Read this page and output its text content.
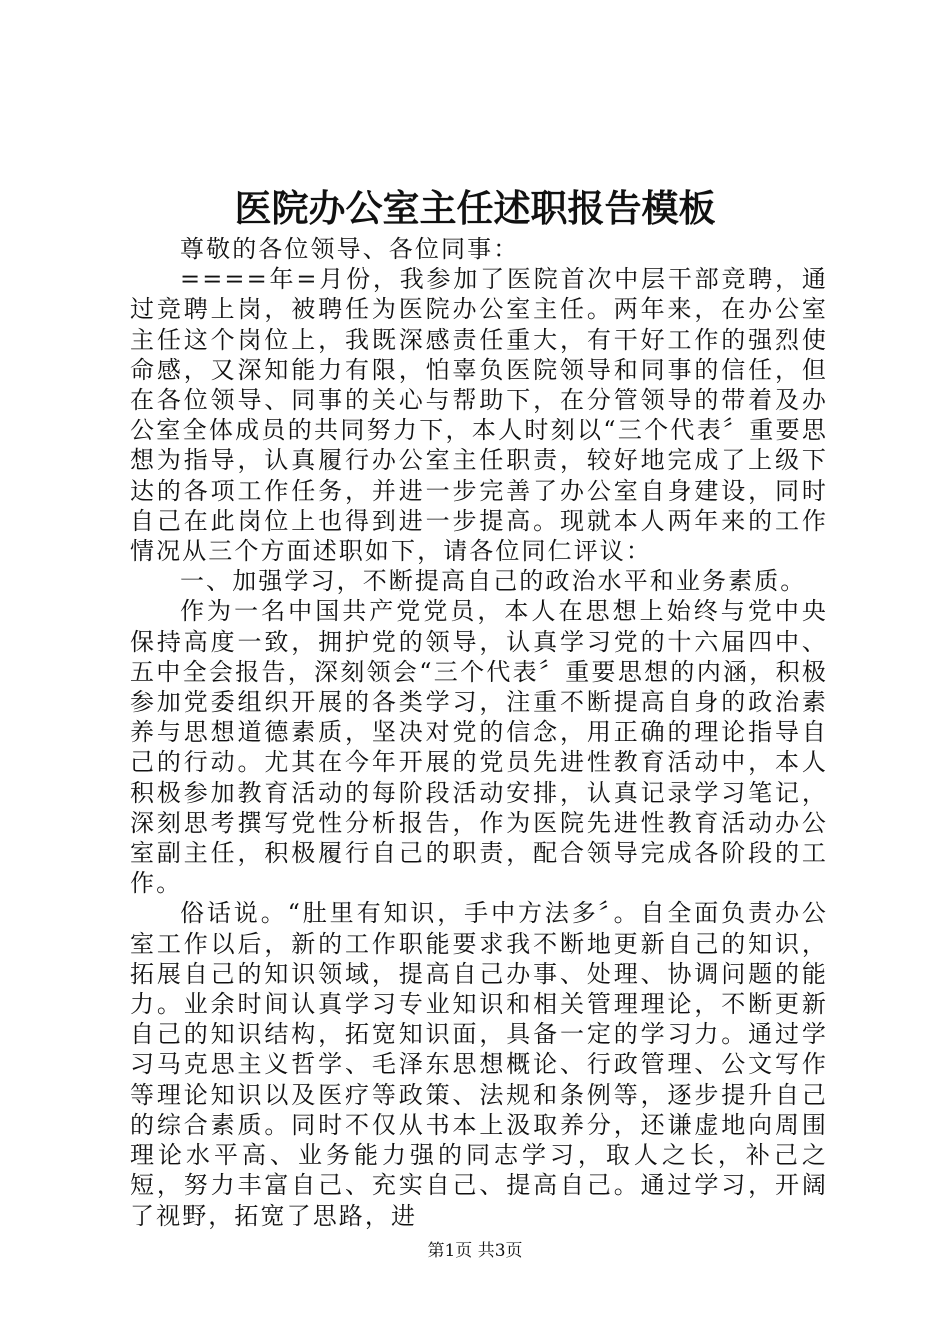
医院办公室主任述职报告模板

尊敬的各位领导、各位同事：

====年=月份，我参加了医院首次中层干部竞聘，通过竞聘上岗，被聘任为医院办公室主任。两年来，在办公室主任这个岗位上，我既深感责任重大，有干好工作的强烈使命感，又深知能力有限，怕辜负医院领导和同事的信任，但在各位领导、同事的关心与帮助下，在分管领导的带着及办公室全体成员的共同努力下，本人时刻以“三个代表〞重要思想为指导，认真履行办公室主任职责，较好地完成了上级下达的各项工作任务，并进一步完善了办公室自身建设，同时自己在此岗位上也得到进一步提高。现就本人两年来的工作情况从三个方面述职如下，请各位同仁评议：

一、加强学习，不断提高自己的政治水平和业务素质。

作为一名中国共产党党员，本人在思想上始终与党中央保持高度一致，拥护党的领导，认真学习党的十六届四中、五中全会报告，深刻领会“三个代表〞重要思想的内涵，积极参加党委组织开展的各类学习，注重不断提高自身的政治素养与思想道德素质，坚决对党的信念，用正确的理论指导自己的行动。尤其在今年开展的党员先进性教育活动中，本人积极参加教育活动的每阶段活动安排，认真记录学习笔记，深刻思考撰写党性分析报告，作为医院先进性教育活动办公室副主任，积极履行自己的职责，配合领导完成各阶段的工作。

俗话说。“肚里有知识，手中方法多〞。自全面负责办公室工作以后，新的工作职能要求我不断地更新自己的知识，拓展自己的知识领域，提高自己办事、处理、协调问题的能力。业余时间认真学习专业知识和相关管理理论，不断更新自己的知识结构，拓宽知识面，具备一定的学习力。通过学习马克思主义哲学、毛泽东思想概论、行政管理、公文写作等理论知识以及医疗等政策、法规和条例等，逐步提升自己的综合素质。同时不仅从书本上汲取养分，还谦虚地向周围理论水平高、业务能力强的同志学习，取人之长，补己之短，努力丰富自己、充实自己、提高自己。通过学习，开阔了视野，拓宽了思路，进

第1页 共3页
